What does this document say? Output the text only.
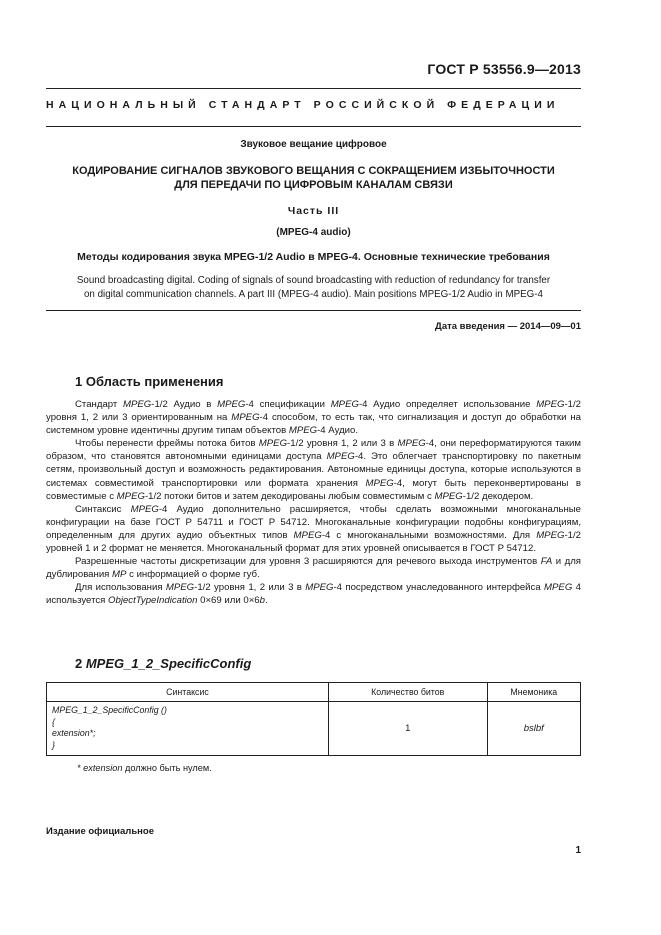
ГОСТ Р 53556.9—2013
НАЦИОНАЛЬНЫЙ СТАНДАРТ РОССИЙСКОЙ ФЕДЕРАЦИИ
Звуковое вещание цифровое
КОДИРОВАНИЕ СИГНАЛОВ ЗВУКОВОГО ВЕЩАНИЯ С СОКРАЩЕНИЕМ ИЗБЫТОЧНОСТИ
ДЛЯ ПЕРЕДАЧИ ПО ЦИФРОВЫМ КАНАЛАМ СВЯЗИ
Часть III
(MPEG-4 audio)
Методы кодирования звука MPEG-1/2 Audio в MPEG-4. Основные технические требования
Sound broadcasting digital. Coding of signals of sound broadcasting with reduction of redundancy for transfer
on digital communication channels. A part III (MPEG-4 audio). Main positions MPEG-1/2 Audio in MPEG-4
Дата введения — 2014—09—01
1 Область применения

Стандарт MPEG-1/2 Аудио в MPEG-4 спецификации MPEG-4 Аудио определяет использование MPEG-1/2 уровня 1, 2 или 3 ориентированным на MPEG-4 способом, то есть так, что сигнализация и доступ до обработки на системном уровне идентичны другим типам объектов MPEG-4 Аудио.

Чтобы перенести фреймы потока битов MPEG-1/2 уровня 1, 2 или 3 в MPEG-4, они переформатируются таким образом, что становятся автономными единицами доступа MPEG-4. Это облегчает транспортировку по пакетным сетям, произвольный доступ и возможность редактирования. Автономные единицы доступа, которые используются в системах совместимой транспортировки или формата хранения MPEG-4, могут быть переконвертированы в совместимые с MPEG-1/2 потоки битов и затем декодированы любым совместимым с MPEG-1/2 декодером.

Синтаксис MPEG-4 Аудио дополнительно расширяется, чтобы сделать возможными многоканальные конфигурации на базе ГОСТ Р 54711 и ГОСТ Р 54712. Многоканальные конфигурации подобны конфигурациям, определенным для других аудио объектных типов MPEG-4 с многоканальными возможностями. Для MPEG-1/2 уровней 1 и 2 формат не меняется. Многоканальный формат для этих уровней описывается в ГОСТ Р 54712.

Разрешенные частоты дискретизации для уровня 3 расширяются для речевого выхода инструментов FA и для дублирования MP с информацией о форме губ.

Для использования MPEG-1/2 уровня 1, 2 или 3 в MPEG-4 посредством унаследованного интерфейса MPEG 4 используется ObjectTypeIndication 0×69 или 0×6b.

2 MPEG_1_2_SpecificConfig
Синтаксис	Количество битов	Мнемоника

MPEG_1_2_SpecificConfig ()
{
extension*;
}	1	bslbf
* extension должно быть нулем.
Издание официальное
1
